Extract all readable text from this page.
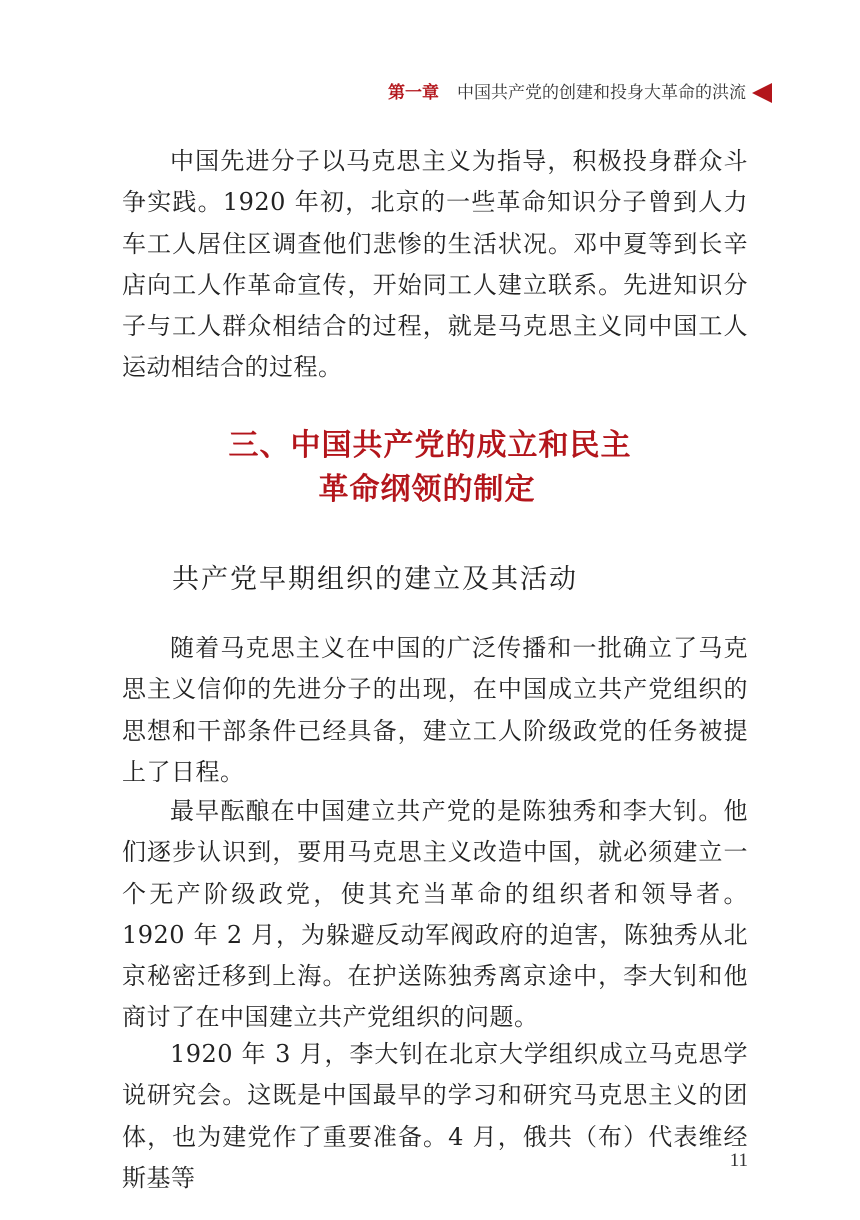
第一章 中国共产党的创建和投身大革命的洪流

中国先进分子以马克思主义为指导，积极投身群众斗争实践。1920 年初，北京的一些革命知识分子曾到人力车工人居住区调查他们悲惨的生活状况。邓中夏等到长辛店向工人作革命宣传，开始同工人建立联系。先进知识分子与工人群众相结合的过程，就是马克思主义同中国工人运动相结合的过程。

三、中国共产党的成立和民主
革命纲领的制定
共产党早期组织的建立及其活动

随着马克思主义在中国的广泛传播和一批确立了马克思主义信仰的先进分子的出现，在中国成立共产党组织的思想和干部条件已经具备，建立工人阶级政党的任务被提上了日程。

最早酝酿在中国建立共产党的是陈独秀和李大钊。他们逐步认识到，要用马克思主义改造中国，就必须建立一个无产阶级政党，使其充当革命的组织者和领导者。1920 年 2 月，为躲避反动军阀政府的迫害，陈独秀从北京秘密迁移到上海。在护送陈独秀离京途中，李大钊和他商讨了在中国建立共产党组织的问题。

1920 年 3 月，李大钊在北京大学组织成立马克思学说研究会。这既是中国最早的学习和研究马克思主义的团体，也为建党作了重要准备。4 月，俄共（布）代表维经斯基等

11
